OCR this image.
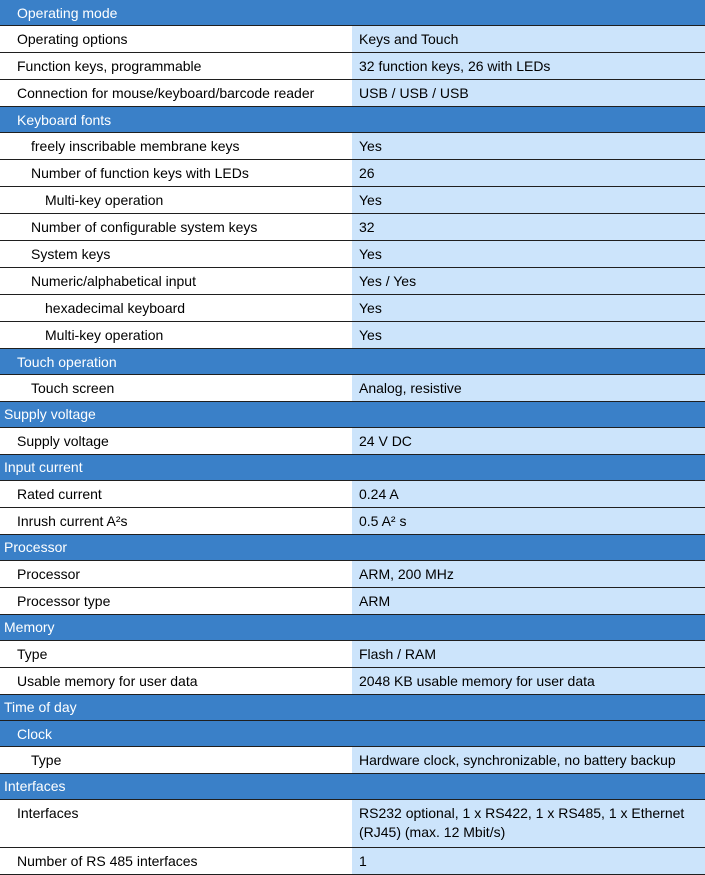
Operating mode
Operating options	Keys and Touch
Function keys, programmable	32 function keys, 26 with LEDs
Connection for mouse/keyboard/barcode reader	USB / USB / USB
Keyboard fonts
freely inscribable membrane keys	Yes
Number of function keys with LEDs	26
Multi-key operation	Yes
Number of configurable system keys	32
System keys	Yes
Numeric/alphabetical input	Yes / Yes
hexadecimal keyboard	Yes
Multi-key operation	Yes
Touch operation
Touch screen	Analog, resistive
Supply voltage
Supply voltage	24 V DC
Input current
Rated current	0.24 A
Inrush current A²s	0.5 A² s
Processor
Processor	ARM, 200 MHz
Processor type	ARM
Memory
Type	Flash / RAM
Usable memory for user data	2048 KB usable memory for user data
Time of day
Clock
Type	Hardware clock, synchronizable, no battery backup
Interfaces
Interfaces	RS232 optional, 1 x RS422, 1 x RS485, 1 x Ethernet (RJ45) (max. 12 Mbit/s)
Number of RS 485 interfaces	1
